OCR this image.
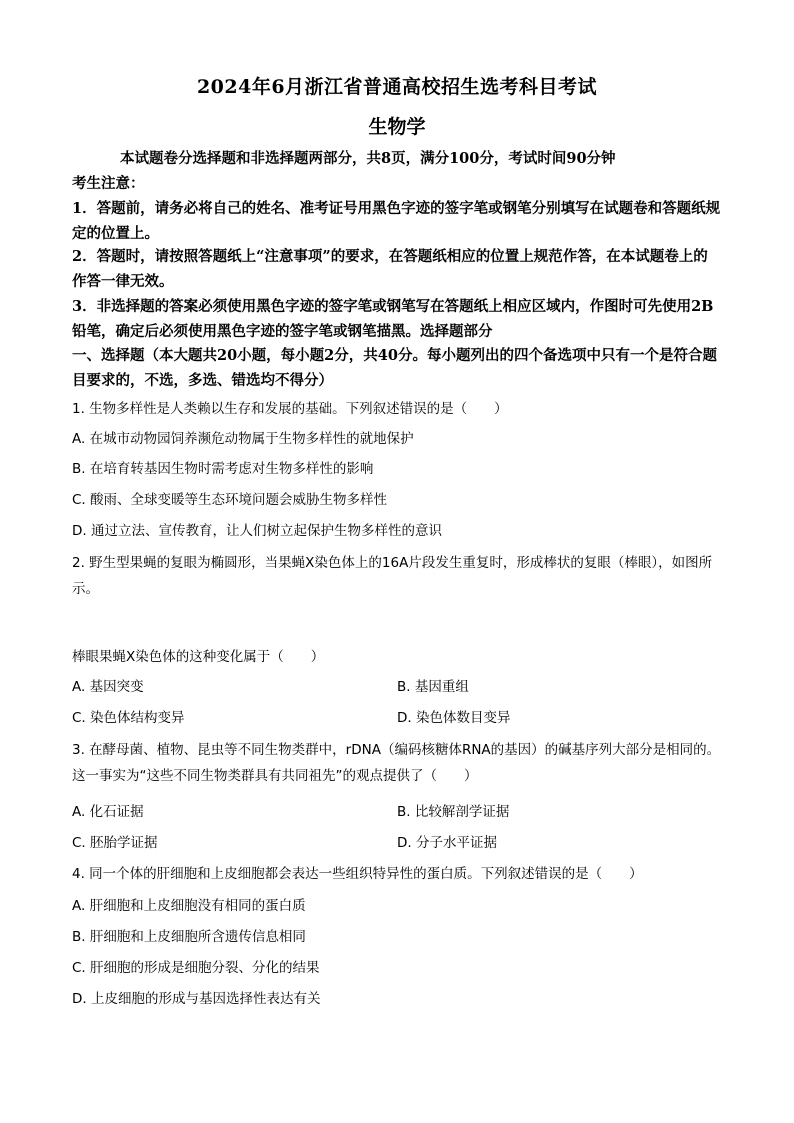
2024年6月浙江省普通高校招生选考科目考试
生物学
本试题卷分选择题和非选择题两部分，共8页，满分100分，考试时间90分钟
考生注意：
1．答题前，请务必将自己的姓名、准考证号用黑色字迹的签字笔或钢笔分别填写在试题卷和答题纸规定的位置上。
2．答题时，请按照答题纸上“注意事项”的要求，在答题纸相应的位置上规范作答，在本试题卷上的作答一律无效。
3．非选择题的答案必须使用黑色字迹的签字笔或钢笔写在答题纸上相应区域内，作图时可先使用2B铅笔，确定后必须使用黑色字迹的签字笔或钢笔描黑。选择题部分
一、选择题（本大题共20小题，每小题2分，共40分。每小题列出的四个备选项中只有一个是符合题目要求的，不选，多选、错选均不得分）
1. 生物多样性是人类赖以生存和发展的基础。下列叙述错误的是（　　）
A. 在城市动物园饲养濒危动物属于生物多样性的就地保护
B. 在培育转基因生物时需考虑对生物多样性的影响
C. 酸雨、全球变暖等生态环境问题会威胁生物多样性
D. 通过立法、宣传教育，让人们树立起保护生物多样性的意识
2. 野生型果蝇的复眼为椭圆形，当果蝇X染色体上的16A片段发生重复时，形成棒状的复眼（棒眼），如图所示。
棒眼果蝇X染色体的这种变化属于（　　）
A. 基因突变	B. 基因重组
C. 染色体结构变异	D. 染色体数目变异
3. 在酵母菌、植物、昆虫等不同生物类群中，rDNA（编码核糖体RNA的基因）的碱基序列大部分是相同的。这一事实为“这些不同生物类群具有共同祖先”的观点提供了（　　）
A. 化石证据	B. 比较解剖学证据
C. 胚胎学证据	D. 分子水平证据
4. 同一个体的肝细胞和上皮细胞都会表达一些组织特异性的蛋白质。下列叙述错误的是（　　）
A. 肝细胞和上皮细胞没有相同的蛋白质
B. 肝细胞和上皮细胞所含遗传信息相同
C. 肝细胞的形成是细胞分裂、分化的结果
D. 上皮细胞的形成与基因选择性表达有关
